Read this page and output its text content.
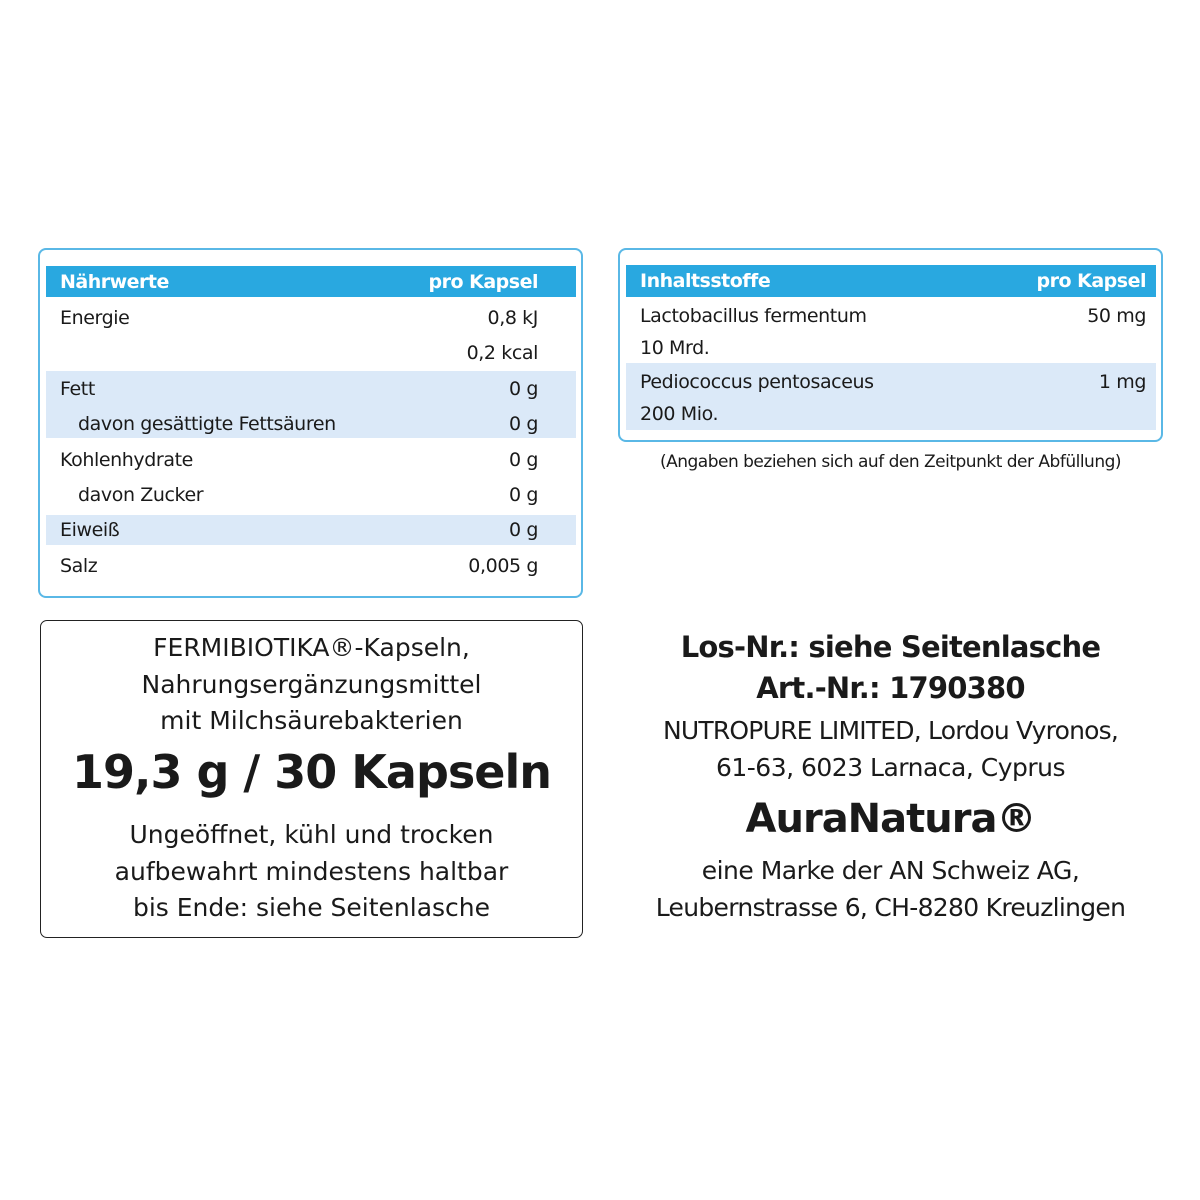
Nährwerte	pro Kapsel
Energie	0,8 kJ
0,2 kcal
Fett	0 g
davon gesättigte Fettsäuren	0 g
Kohlenhydrate	0 g
davon Zucker	0 g
Eiweiß	0 g
Salz	0,005 g
Inhaltsstoffe	pro Kapsel
Lactobacillus fermentum	50 mg
10 Mrd.
Pediococcus pentosaceus	1 mg
200 Mio.
(Angaben beziehen sich auf den Zeitpunkt der Abfüllung)
FERMIBIOTIKA®-Kapseln,
Nahrungsergänzungsmittel
mit Milchsäurebakterien
19,3 g / 30 Kapseln
Ungeöffnet, kühl und trocken
aufbewahrt mindestens haltbar
bis Ende: siehe Seitenlasche
Los-Nr.: siehe Seitenlasche
Art.-Nr.: 1790380
NUTROPURE LIMITED, Lordou Vyronos,
61-63, 6023 Larnaca, Cyprus
AuraNatura®
eine Marke der AN Schweiz AG,
Leubernstrasse 6, CH-8280 Kreuzlingen
